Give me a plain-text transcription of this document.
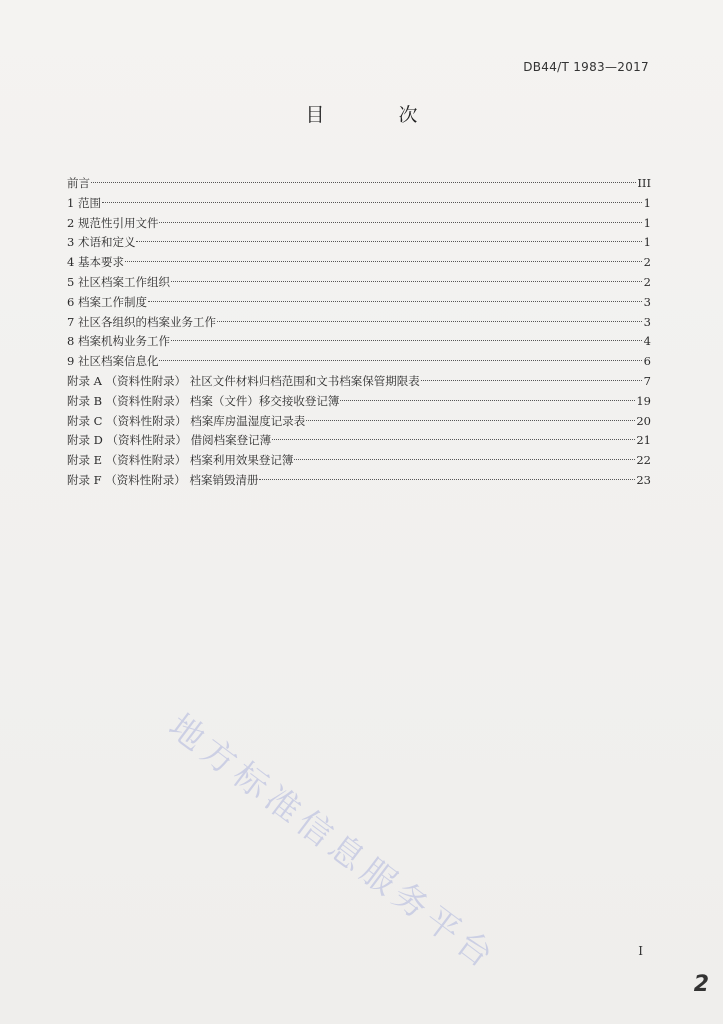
DB44/T 1983—2017
目 次
前言	III
1 范围	1
2 规范性引用文件	1
3 术语和定义	1
4 基本要求	2
5 社区档案工作组织	2
6 档案工作制度	3
7 社区各组织的档案业务工作	3
8 档案机构业务工作	4
9 社区档案信息化	6
附录 A （资料性附录） 社区文件材料归档范围和文书档案保管期限表	7
附录 B （资料性附录） 档案（文件）移交接收登记簿	19
附录 C （资料性附录） 档案库房温湿度记录表	20
附录 D （资料性附录） 借阅档案登记薄	21
附录 E （资料性附录） 档案利用效果登记簿	22
附录 F （资料性附录） 档案销毁清册	23
地方标准信息服务平台	I
2
